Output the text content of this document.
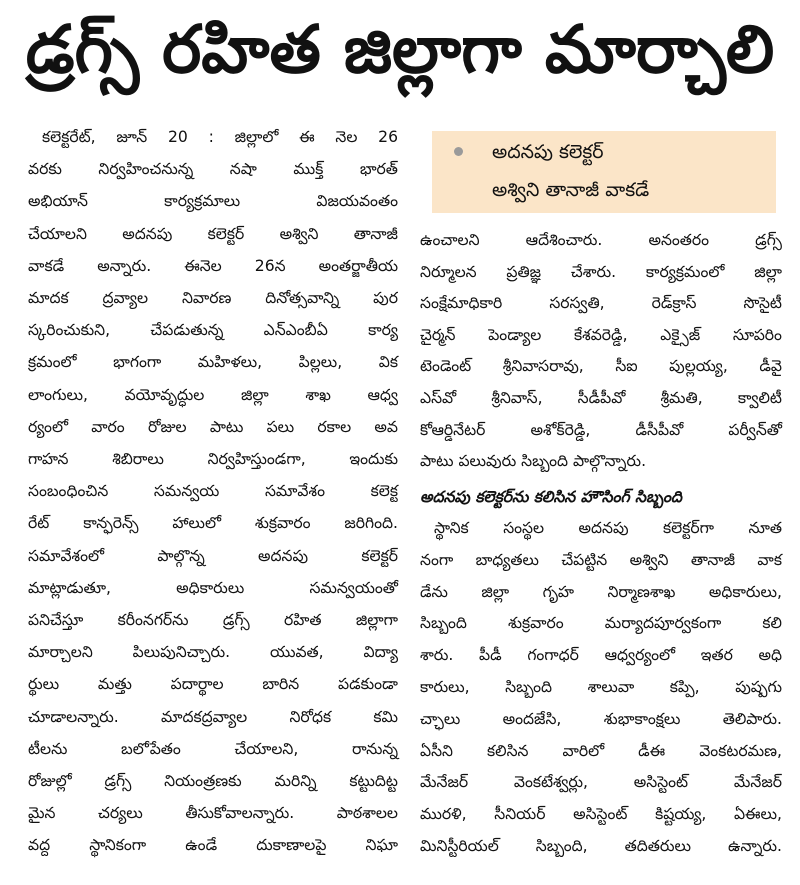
డ్రగ్స్ రహిత జిల్లాగా మార్చాలి
అదనపు కలెక్టర్
అశ్విని తానాజీ వాకడే
కలెక్టరేట్, జూన్ 20 : జిల్లాలో ఈ నెల 26
వరకు నిర్వహించనున్న నషా ముక్త్ భారత్
అభియాన్	కార్యక్రమాలు	విజయవంతం
చేయాలని అదనపు కలెక్టర్ అశ్విని తానాజీ
వాకడే అన్నారు. ఈనెల 26న అంతర్జాతీయ
మాదక ద్రవ్యాల నివారణ దినోత్సవాన్ని పుర
స్కరించుకుని,	చేపడుతున్న	ఎన్ఎంబీఏ	కార్య
క్రమంలో భాగంగా మహిళలు, పిల్లలు, విక
లాంగులు, వయోవృద్ధుల జిల్లా శాఖ ఆధ్వ
ర్యంలో వారం రోజుల పాటు పలు రకాల అవ
గాహన	శిబిరాలు	నిర్వహిస్తుండగా,	ఇందుకు
సంబంధించిన	సమన్వయ	సమావేశం	కలెక్ట
రేట్ కాన్ఫరెన్స్ హాలులో శుక్రవారం జరిగింది.
సమావేశంలో	పాల్గొన్న	అదనపు	కలెక్టర్
మాట్లాడుతూ,	అధికారులు	సమన్వయంతో
పనిచేస్తూ కరీంనగర్‌ను డ్రగ్స్ రహిత జిల్లాగా
మార్చాలని	పిలుపునిచ్చారు.	యువత,	విద్యా
ర్థులు మత్తు పదార్థాల బారిన పడకుండా
చూడాలన్నారు.	మాదకద్రవ్యాల	నిరోధక	కమి
టీలను	బలోపేతం	చేయాలని,	రానున్న
రోజుల్లో డ్రగ్స్ నియంత్రణకు మరిన్ని కట్టుదిట్ట
మైన	చర్యలు	తీసుకోవాలన్నారు.	పాఠశాలల
వద్ద	స్థానికంగా	ఉండే	దుకాణాలపై	నిఘా
ఉంచాలని	ఆదేశించారు.	అనంతరం	డ్రగ్స్
నిర్మూలన ప్రతిజ్ఞ చేశారు. కార్యక్రమంలో జిల్లా
సంక్షేమాధికారి	సరస్వతి,	రెడ్‌క్రాస్	సొసైటీ
చైర్మన్ పెండ్యాల కేశవరెడ్డి, ఎక్సైజ్ సూపరిం
టెండెంట్ శ్రీనివాసరావు, సీఐ పుల్లయ్య, డీవై
ఎస్‌వో శ్రీనివాస్, సీడీపీవో శ్రీమతి, క్వాలిటీ
కోఆర్డినేటర్	అశోక్‌రెడ్డి,	డీసీపీవో	పర్వీన్‌తో
పాటు పలువురు సిబ్బంది పాల్గొన్నారు.
అదనపు కలెక్టర్‌ను కలిసిన హౌసింగ్ సిబ్బంది
స్థానిక సంస్థల అదనపు కలెక్టర్‌గా నూత
నంగా బాధ్యతలు చేపట్టిన అశ్విని తానాజీ వాక
డేను జిల్లా గృహ నిర్మాణశాఖ అధికారులు,
సిబ్బంది	శుక్రవారం	మర్యాదపూర్వకంగా	కలి
శారు. పీడీ గంగాధర్ ఆధ్వర్యంలో ఇతర అధి
కారులు, సిబ్బంది శాలువా కప్పి, పుష్పగు
చ్ఛాలు	అందజేసి,	శుభాకాంక్షలు	తెలిపారు.
ఏసీని కలిసిన వారిలో డీఈ వెంకటరమణ,
మేనేజర్	వెంకటేశ్వర్లు,	అసిస్టెంట్	మేనేజర్
మురళి, సీనియర్ అసిస్టెంట్ కిష్టయ్య, ఏఈలు,
మినిస్టీరియల్ సిబ్బంది, తదితరులు ఉన్నారు.
